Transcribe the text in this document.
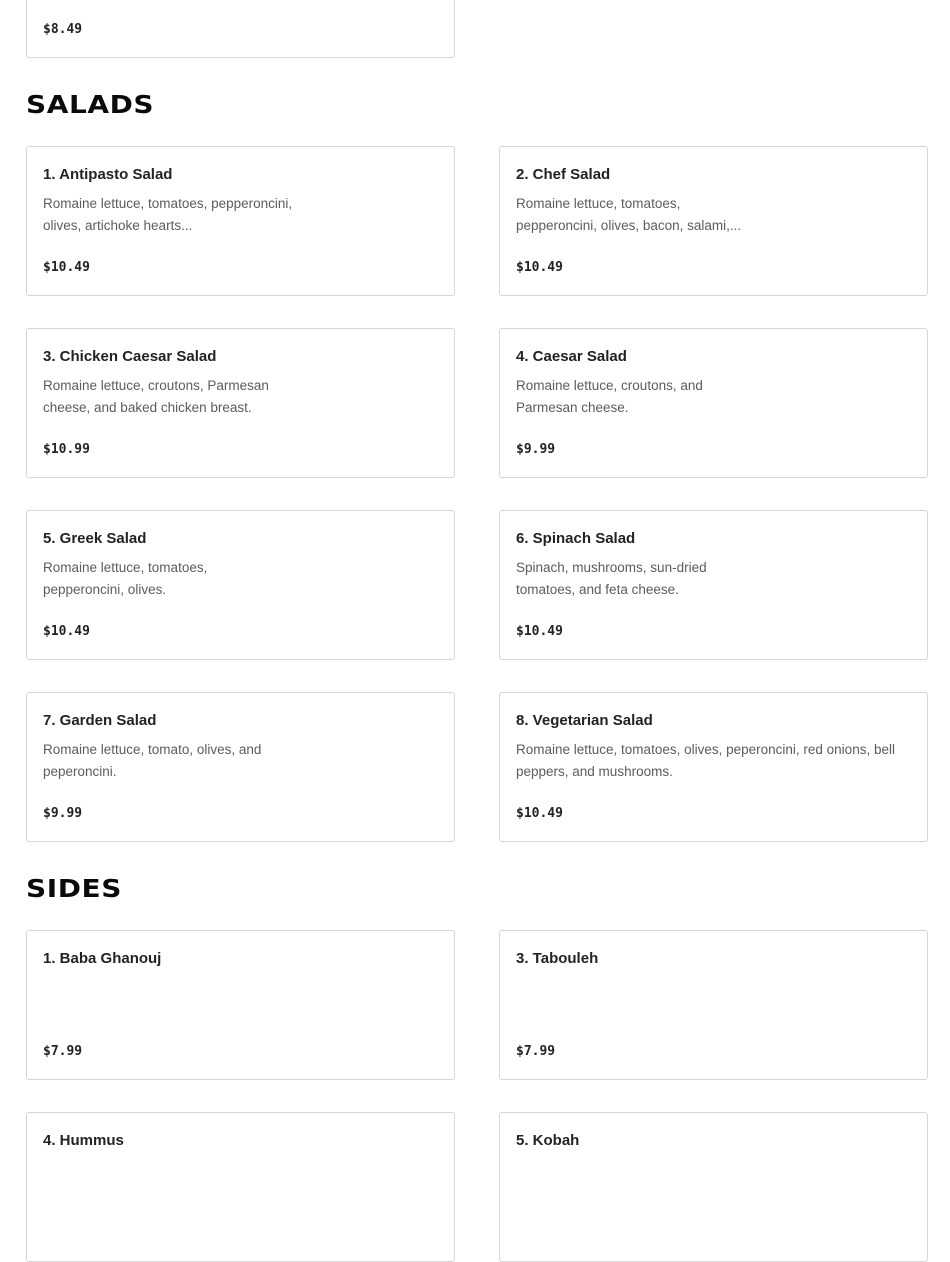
$8.49
SALADS
1. Antipasto Salad
Romaine lettuce, tomatoes, pepperoncini, olives, artichoke hearts...
$10.49
2. Chef Salad
Romaine lettuce, tomatoes, pepperoncini, olives, bacon, salami,...
$10.49
3. Chicken Caesar Salad
Romaine lettuce, croutons, Parmesan cheese, and baked chicken breast.
$10.99
4. Caesar Salad
Romaine lettuce, croutons, and Parmesan cheese.
$9.99
5. Greek Salad
Romaine lettuce, tomatoes, pepperoncini, olives.
$10.49
6. Spinach Salad
Spinach, mushrooms, sun-dried tomatoes, and feta cheese.
$10.49
7. Garden Salad
Romaine lettuce, tomato, olives, and peperoncini.
$9.99
8. Vegetarian Salad
Romaine lettuce, tomatoes, olives, peperoncini, red onions, bell peppers, and mushrooms.
$10.49
SIDES
1. Baba Ghanouj
$7.99
3. Tabouleh
$7.99
4. Hummus	5. Kobah
